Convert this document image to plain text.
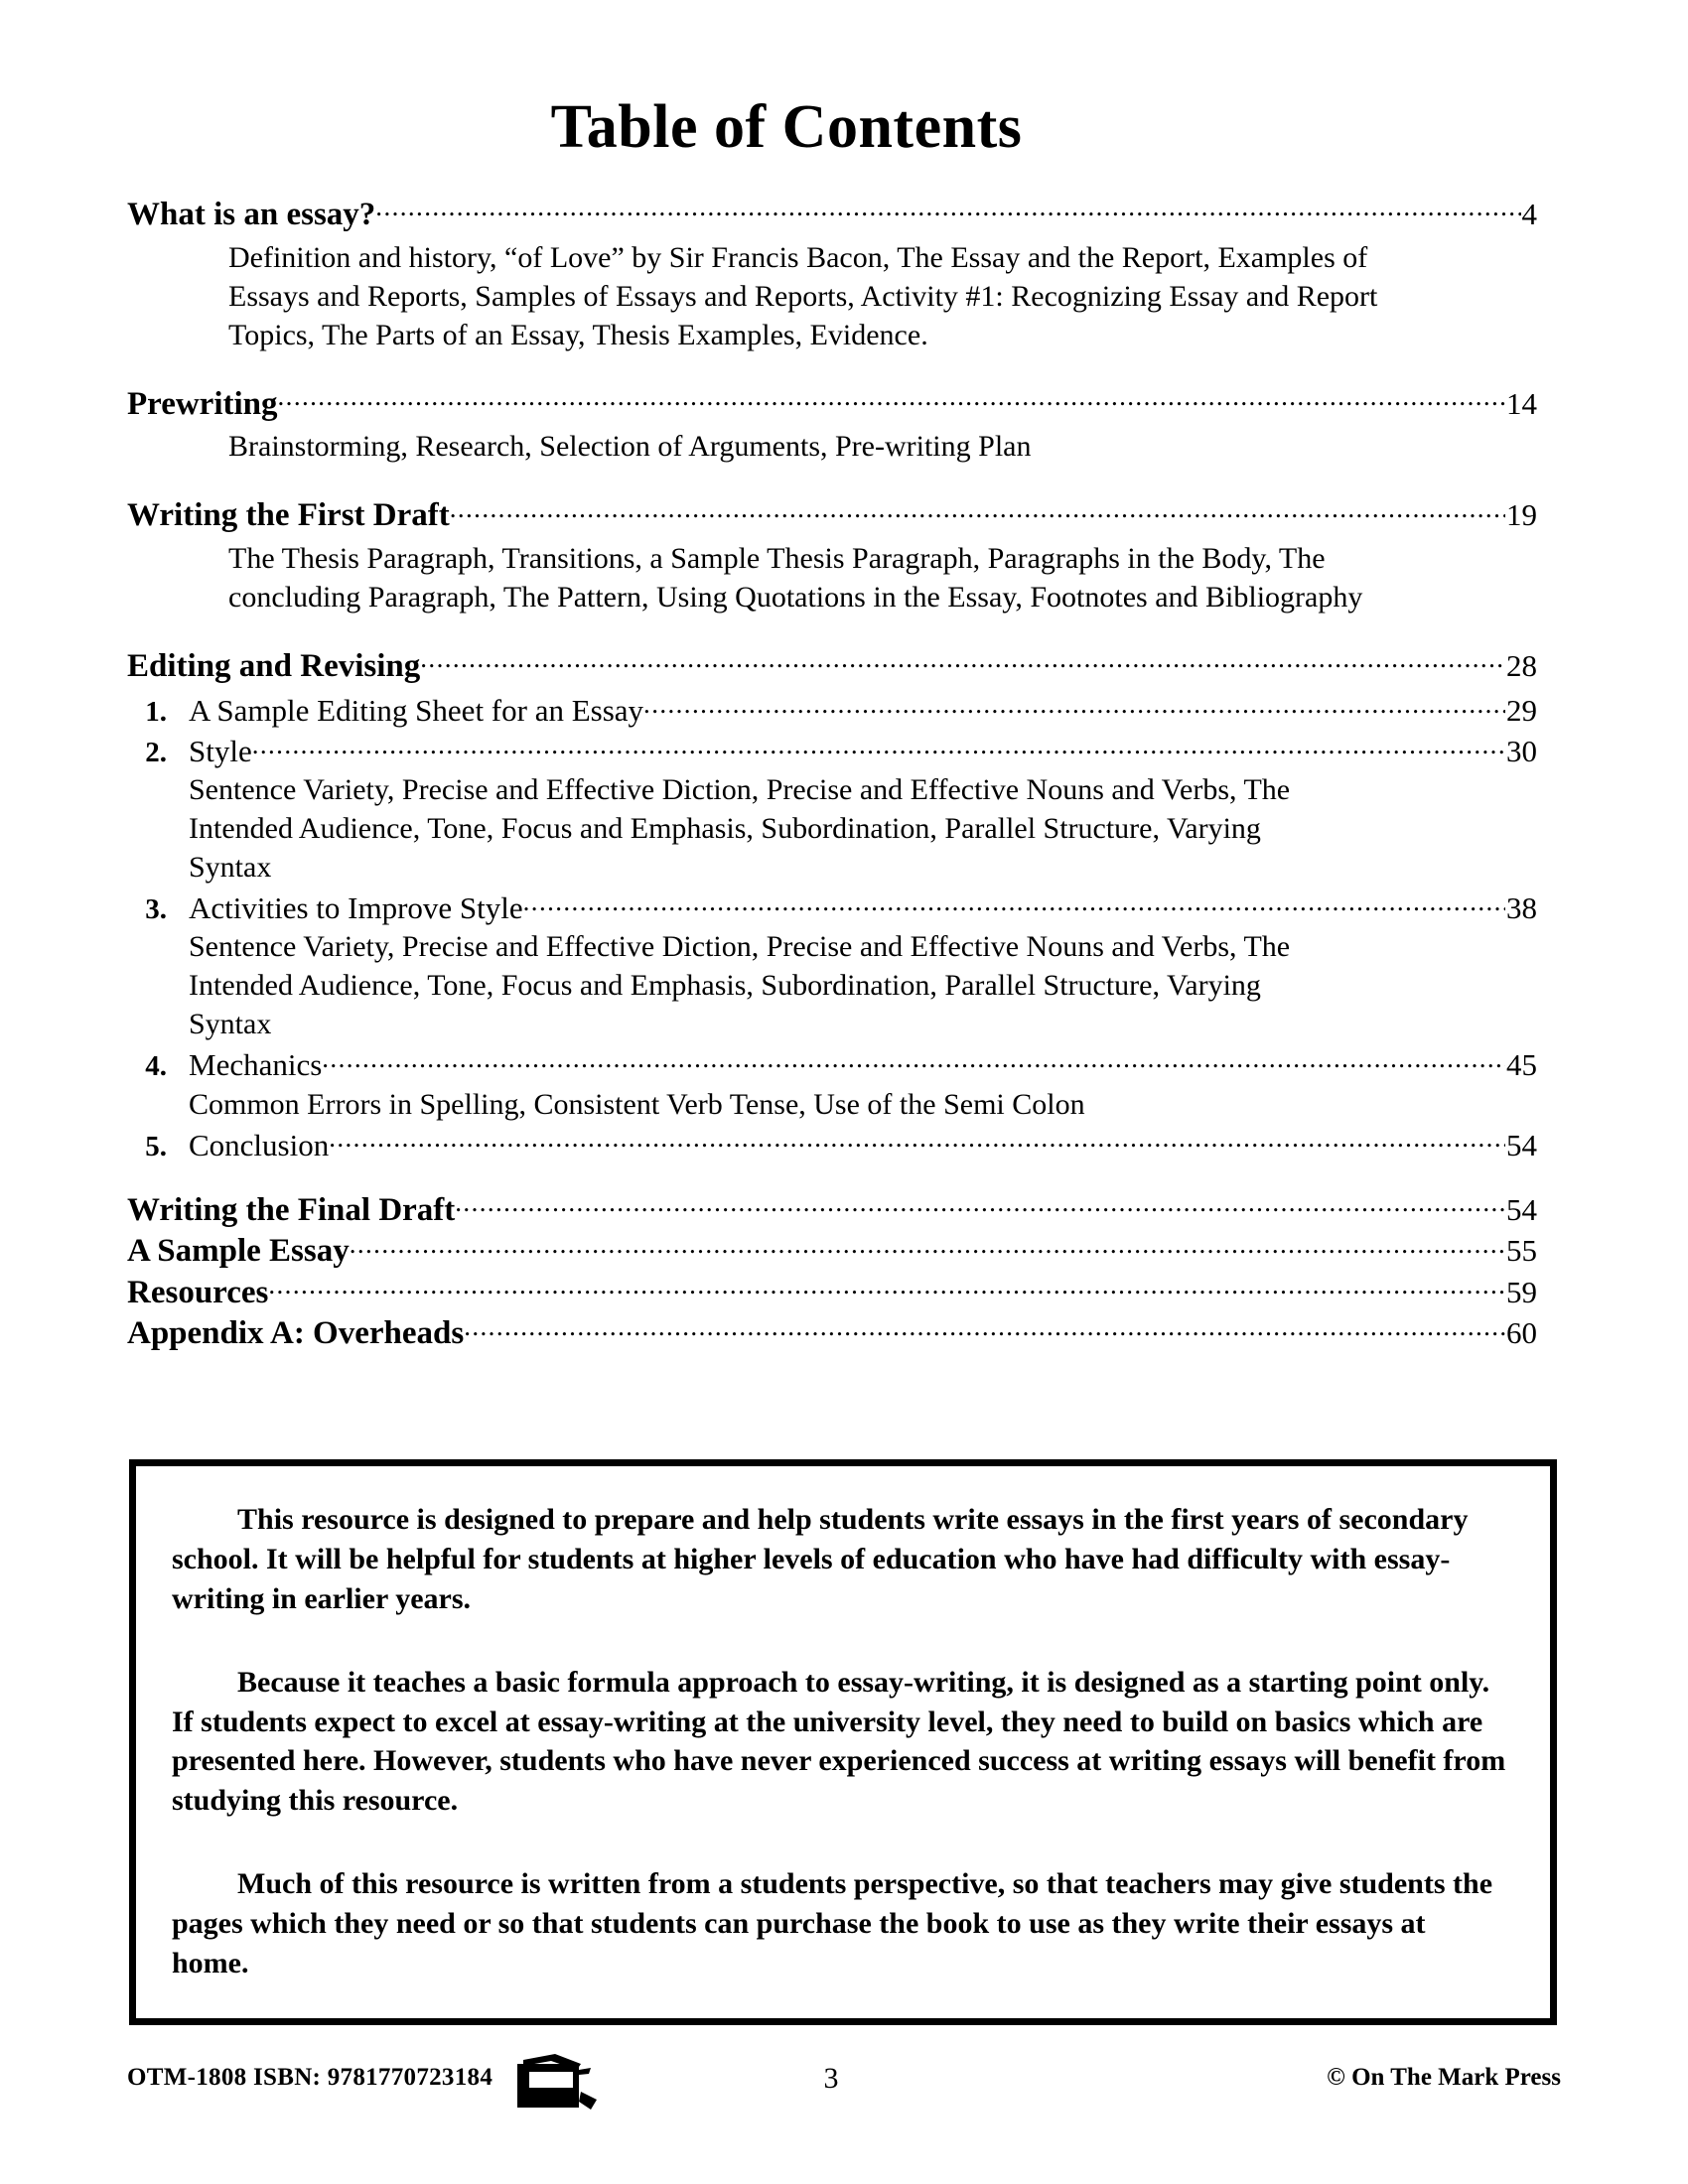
Table of Contents
What is an essay? .....	4

Definition and history, “of Love” by Sir Francis Bacon, The Essay and the Report, Examples of Essays and Reports, Samples of Essays and Reports, Activity #1: Recognizing Essay and Report Topics, The Parts of an Essay, Thesis Examples, Evidence.

Prewriting .....	14

Brainstorming, Research, Selection of Arguments, Pre-writing Plan

Writing the First Draft .....	19

The Thesis Paragraph, Transitions, a Sample Thesis Paragraph, Paragraphs in the Body, The concluding Paragraph, The Pattern, Using Quotations in the Essay, Footnotes and Bibliography

Editing and Revising .....	28
1. A Sample Editing Sheet for an Essay .....	29
2. Style .....	30

Sentence Variety, Precise and Effective Diction, Precise and Effective Nouns and Verbs, The Intended Audience, Tone, Focus and Emphasis, Subordination, Parallel Structure, Varying Syntax

3. Activities to Improve Style .....	38

Sentence Variety, Precise and Effective Diction, Precise and Effective Nouns and Verbs, The Intended Audience, Tone, Focus and Emphasis, Subordination, Parallel Structure, Varying Syntax

4. Mechanics .....	45

Common Errors in Spelling, Consistent Verb Tense, Use of the Semi Colon

5. Conclusion .....	54
Writing the Final Draft .....	54
A Sample Essay .....	55
Resources .....	59
Appendix A: Overheads .....	60

This resource is designed to prepare and help students write essays in the first years of secondary school. It will be helpful for students at higher levels of education who have had difficulty with essay-writing in earlier years.

Because it teaches a basic formula approach to essay-writing, it is designed as a starting point only. If students expect to excel at essay-writing at the university level, they need to build on basics which are presented here. However, students who have never experienced success at writing essays will benefit from studying this resource.

Much of this resource is written from a students perspective, so that teachers may give students the pages which they need or so that students can purchase the book to use as they write their essays at home.

OTM-1808 ISBN: 9781770723184	3	© On The Mark Press
